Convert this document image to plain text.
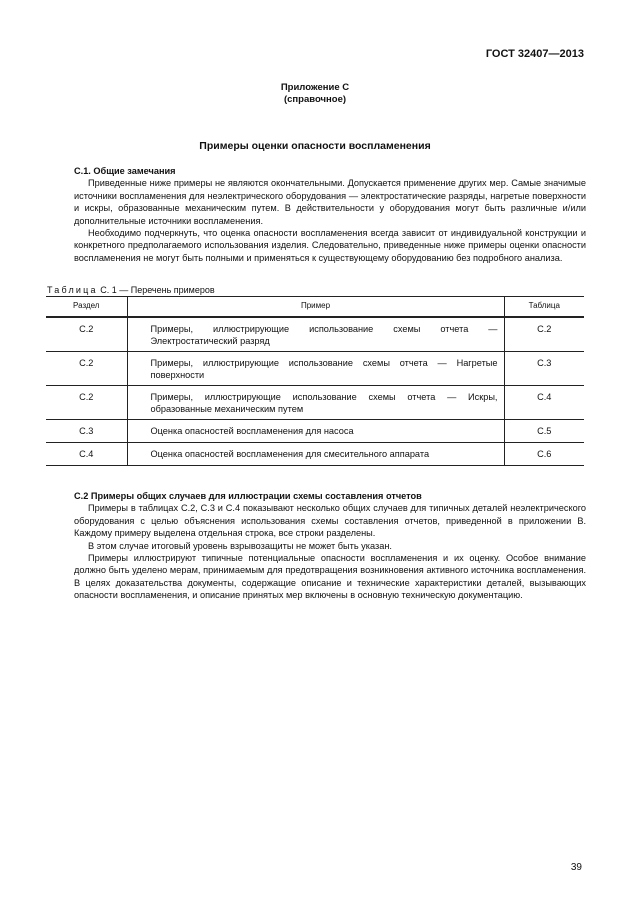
ГОСТ 32407—2013
Приложение С
(справочное)
Примеры оценки опасности воспламенения

С.1. Общие замечания

Приведенные ниже примеры не являются окончательными. Допускается применение других мер. Самые значимые источники воспламенения для неэлектрического оборудования — электростатические разряды, нагретые поверхности и искры, образованные механическим путем. В действительности у оборудования могут быть различные и/или дополнительные источники воспламенения.

Необходимо подчеркнуть, что оценка опасности воспламенения всегда зависит от индивидуальной конструкции и конкретного предполагаемого использования изделия. Следовательно, приведенные ниже примеры оценки опасности воспламенения не могут быть полными и применяться к существующему оборудованию без подробного анализа.

Таблица С. 1 — Перечень примеров
Раздел	Пример	Таблица
С.2	Примеры, иллюстрирующие использование схемы отчета — Электростатический разряд	С.2
С.2	Примеры, иллюстрирующие использование схемы отчета — Нагретые поверхности	С.3
С.2	Примеры, иллюстрирующие использование схемы отчета — Искры, образованные механическим путем	С.4
С.3	Оценка опасностей воспламенения для насоса	С.5
С.4	Оценка опасностей воспламенения для смесительного аппарата	С.6

С.2 Примеры общих случаев для иллюстрации схемы составления отчетов

Примеры в таблицах С.2, С.3 и С.4 показывают несколько общих случаев для типичных деталей неэлектрического оборудования с целью объяснения использования схемы составления отчетов, приведенной в приложении В. Каждому примеру выделена отдельная строка, все строки разделены.

В этом случае итоговый уровень взрывозащиты не может быть указан.

Примеры иллюстрируют типичные потенциальные опасности воспламенения и их оценку. Особое внимание должно быть уделено мерам, принимаемым для предотвращения возникновения активного источника воспламенения. В целях доказательства документы, содержащие описание и технические характеристики деталей, вызывающих опасности воспламенения, и описание принятых мер включены в основную техническую документацию.

39
